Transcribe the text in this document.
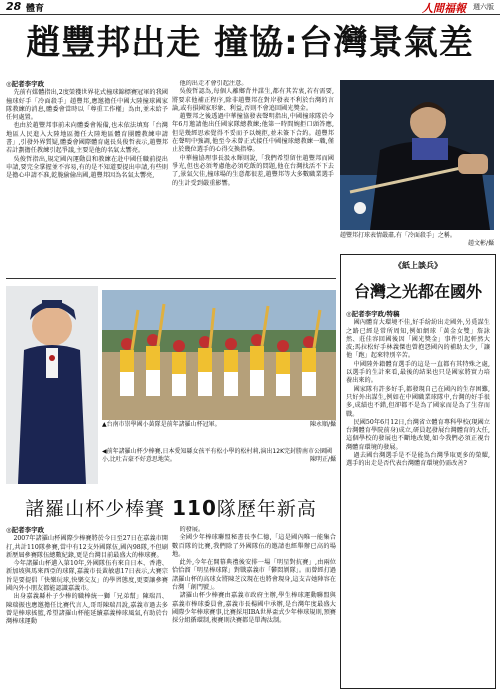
28 體育	人間福報 週六版
趙豐邦出走 撞協:台灣景氣差
◎記者李宇政

先前有媒體指出,2度榮獲世界花式撞球錦標賽冠軍的我國撞球好手「冷面殺手」趙豐邦,應邀擔任中國大陸撞球國家隊教練的消息,體委會當時以「尊重工作權」為由,並未給予任何處置。

也由於趙豐邦事前未向體委會報備,也未依法填寫「台灣地區人民進入大陸地區擔任大陸地區體育團體教練申請書」,引發外界質疑,體委會國際體育處長吳俊哲表示,趙豐邦若計劃擔任教練引起爭議,主要是他的名氣太響亮。

吳俊哲指出,規定國內運動員和教練在赴中國任職前提出申請,要完全掌握並不容易,有的是不知道要提出申請,有些則是擔心申請不准,乾脆偷偷出國,趙豐邦因為名氣太響亮,

他的出走才會引起注意。

吳俊哲認為,每個人離鄉背井謀生,都有其苦衷,若有需要,將要求他補正程序,除非趙豐邦在對岸發表不利於台灣的言論,或有損國家形象、利益,否則不會追回國光獎金。

趙豐邦之後透過中華撞協發表聲明指出,中國撞球隊於今年6月邀請他出任國家隊總教練;他第一時間婉拒口頭答應,但是幾經思索覺得不妥而予以婉拒,並未簽下合約。趙豐邦在聲明中強調,他至今未曾正式接任中國撞球總教練一職,僅止於幾位選手的心得交換指導。

中華撞協理事長汲永輝則說,「我們希望留住趙豐邦而國爭光,但也必須考慮他必須吃飯的問題,他在台灣找活不下去了,景氣欠佳,撞球場的生意都很差,趙豐邦等大多數職業選手的生計受到嚴重影響。

趙豐邦打球表情嚴肅,有「冷面殺手」之稱。
趙文彬/攝
《紙上談兵》
台灣之光都在國外
◎記者李宇政/特稿

國內體育大環境不佳,好手紛紛出走國外,另覓謀生之路已經是常所周知,例如網球「黃金女雙」詹詠然、莊佳容回國後因「國光獎金」事件引起軒然大波;馬拉松好手林義傑也曾抱怨國內的補助太少,「讓他「跑」起來特別辛苦。

中國陸外籍體育選手的這是一直都有其特殊之處,以選手的生計來看,最後的結果也只是國家將實力培養出來的。

國家隊有許多好手,都發現自己在國內的生存困難,只好外出謀生,例如在中國職業球隊中,台灣的好手很多,成績也不錯,但卻都不是為了國家而是為了生存而戰。

民國50年6月12日,台灣省立體育專科學校(現國立台灣體育學院前身)成立,研員起發展台灣體育的大任,這個學校的發展也不斷地改變,如今我們必須正視台灣體育環境的發展。

過去國台灣選手是不是能為台灣爭取更多的榮耀,選手的出走是否代表台灣體育環境仍需改善?

▲台南市崇學國小黃隊是前年諸羅山杯冠軍。	陳永順/攝
◀前年諸羅山杯少棒賽,日本愛知縣女孩平有松小學的松村莉,演出12K完封勝南市公園國小,比吐吉豪不好意思地笑。	陳明正/攝
諸羅山杯少棒賽 110隊歷年新高
◎記者李宇政

2007年諸羅山杯國際少棒賽將於今日至27日在嘉義市開打,共計110隊參賽,當中有12支外國隊伍,國內98隊,不但刷新歷屆參賽隊伍總數紀錄,更是台灣目前最盛大的棒球賽。

今年諸羅山杯邁入第10年,外國隊伍有來自日本、香港、新加坡與馬來西亞的球隊,嘉義市長黃敏惠17日表示,大賽宗旨是要提倡「快樂玩球,快樂交友」的學習態度,更要讓參賽國內外小朋友都能認識嘉義市。

出身嘉義縣朴子少棒的職棒統一獅「兄弟幫」陳瑞昌、陳瑞振也應邀擔任比賽代言人,哥哥陳瑞昌說,嘉義市過去多曾是棒球搖籃,希望諸羅山杯能延續嘉義棒球風氣,有助於台灣棒球運動

的發展。

全國少年棒球聯盟秘書長李仁德,「這是國內唯一能集合數百隊的比賽,我們除了外國隊伍的邀請也經舉辦已高的場地。

此外,今年在開幕典禮後安排一場「明星對抗賽」,由兩位恰恰溜「明星棒球隊」對戰嘉義市「鬱悶剝隊」。而曾經打過諸羅山杯的高球女將陳芝汶現在也將會現身,這支吉她陣容在台灣「創門號」。

諸羅山杯少棒賽由嘉義市政府主辦,學生棒球運動聯盟與嘉義市棒球委員會,嘉義市長楊國中承辦,是台灣年度最盛大國際少年棒球賽事,比賽採用IBA世界盃式少年棒球規則,預賽採分組循環制,複賽則決賽都是單淘汰制。
